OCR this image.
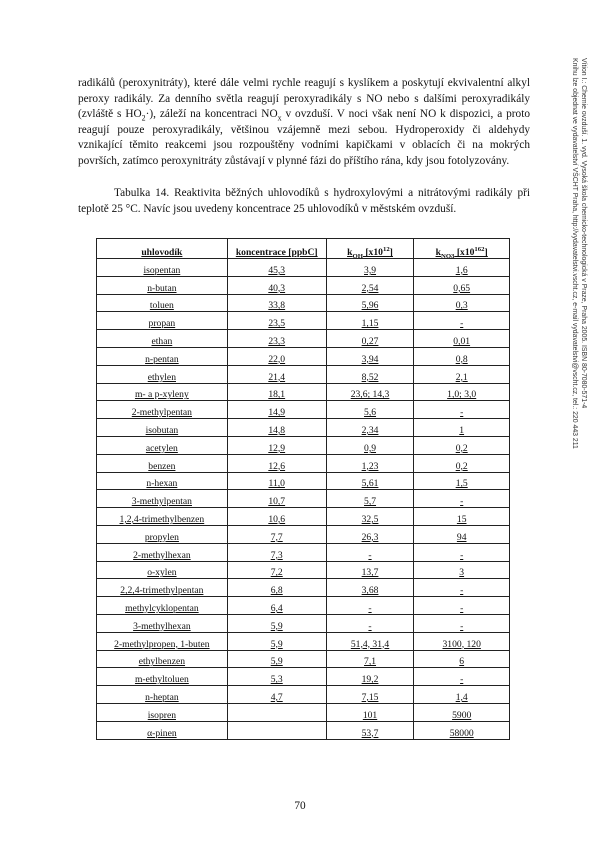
radikálů (peroxynitráty), které dále velmi rychle reagují s kyslíkem a poskytují ekvivalentní alkyl peroxy radikály. Za denního světla reagují peroxyradikály s NO nebo s dalšími peroxyradikály (zvláště s $HO_2\cdot$), záleží na koncentraci $NO_x$ v ovzduší. V noci však není NO k dispozici, a proto reagují pouze peroxyradikály, většinou vzájemně mezi sebou. Hydroperoxidy či aldehydy vznikající těmito reakcemi jsou rozpouštěny vodními kapičkami v oblacích či na mokrých površích, zatímco peroxynitráty zůstávají v plynné fázi do příštího rána, kdy jsou fotolyzovány.

Tabulka 14. Reaktivita běžných uhlovodíků s hydroxylovými a nitrátovými radikály při teplotě 25 °C. Navíc jsou uvedeny koncentrace 25 uhlovodíků v městském ovzduší.

uhlovodík	koncentrace [ppbC]	$k_{OH}$ $[x10^{12}]$	$k_{NO3}$ $[x10^{162}]$
isopentan	45,3	3,9	1,6
n-butan	40,3	2,54	0,65
toluen	33,8	5,96	0,3
propan	23,5	1,15	-
ethan	23,3	0,27	0,01
n-pentan	22,0	3,94	0,8
ethylen	21,4	8,52	2,1
m- a p-xyleny	18,1	23,6; 14,3	1,0; 3,0
2-methylpentan	14,9	5,6	-
isobutan	14,8	2,34	1
acetylen	12,9	0,9	0,2
benzen	12,6	1,23	0,2
n-hexan	11,0	5,61	1,5
3-methylpentan	10,7	5,7	-
1,2,4-trimethylbenzen	10,6	32,5	15
propylen	7,7	26,3	94
2-methylhexan	7,3	-	-
o-xylen	7,2	13,7	3
2,2,4-trimethylpentan	6,8	3,68	-
methylcyklopentan	6,4	-	-
3-methylhexan	5,9	-	-
2-methylpropen, 1-buten	5,9	51,4, 31,4	3100, 120
ethylbenzen	5,9	7,1	6
m-ethyltoluen	5,3	19,2	-
n-heptan	4,7	7,15	1,4
isopren		101	5900
α-pinen		53,7	58000
Vítion I.: Chemie ovzduší. 1. vyd. Vysoká škola chemicko-technologická v Praze, Praha 2005. ISBN 80-7080-571-4
Knihu lze objednat ve vydavatelství VŠCHT Praha, http://vydavatelstvi.vscht.cz, e-mail vydavatelstvi@vscht.cz, tel.: 220 443 211
70
